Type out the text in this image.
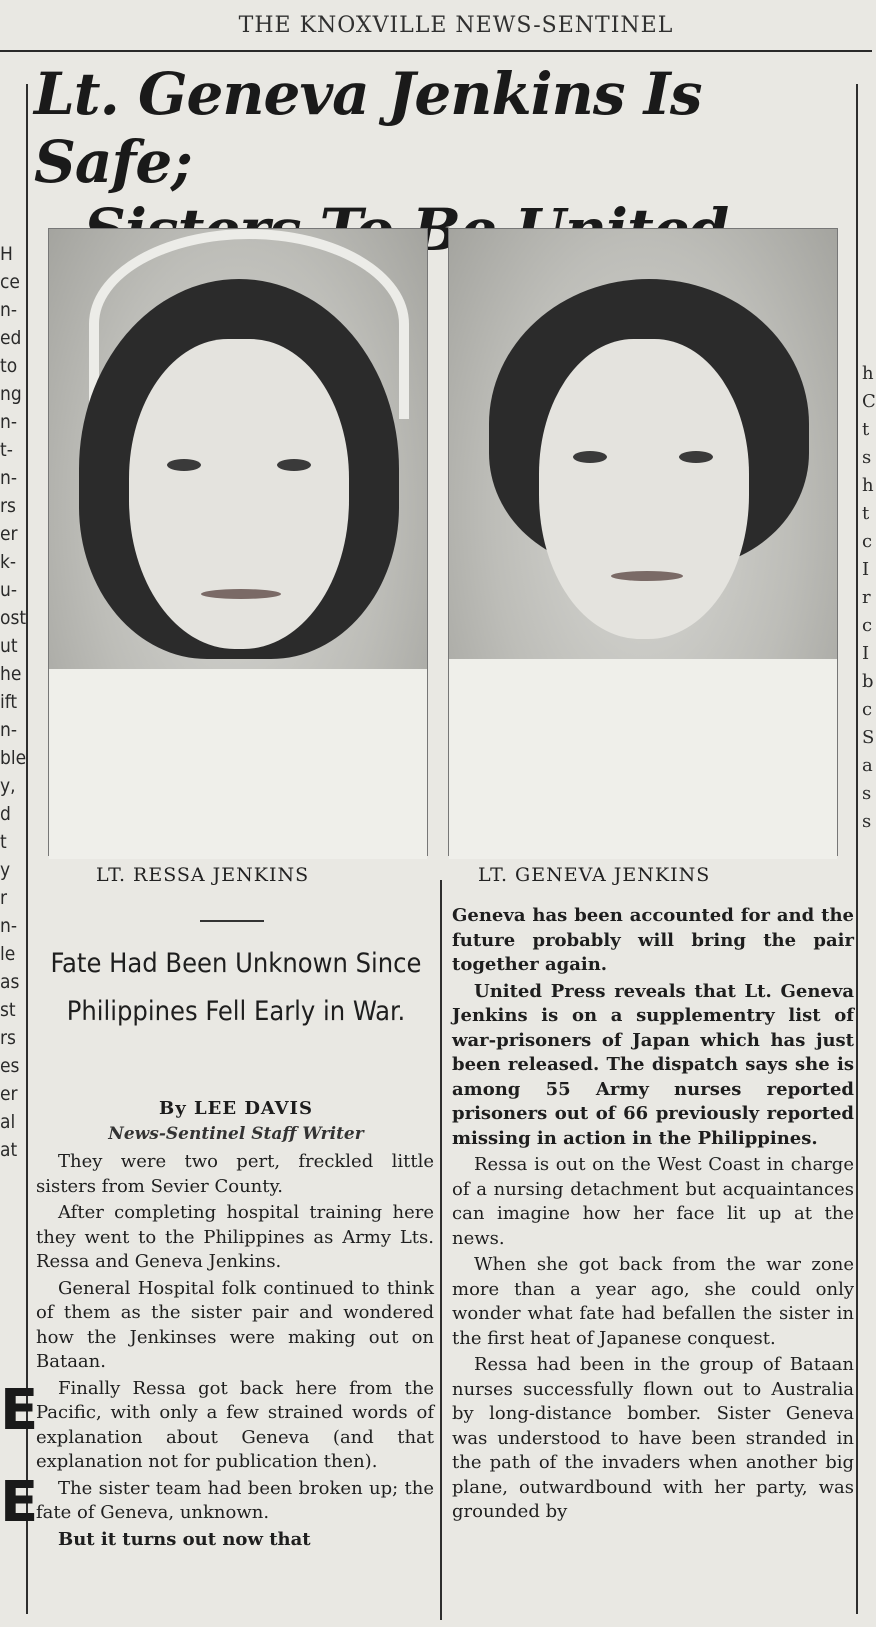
THE KNOXVILLE NEWS-SENTINEL
H
ce
n-
ed
to
ng
n-
t-
n-
rs
er
k-
u-
ost
ut
he
ift
n-
ble
y,
d
t
y
r
n-
le
as
st
rs
es
er
al
at
E
E
h
C
t
s
h
t
c
I
r
c
I
b
c
S
a
s
s
Lt. Geneva Jenkins Is Safe;
LT. RESSA JENKINS	LT. GENEVA JENKINS
Fate Had Been Unknown Since Philippines Fell Early in War.
By LEE DAVIS
News-Sentinel Staff Writer

They were two pert, freckled little sisters from Sevier County.

After completing hospital training here they went to the Philippines as Army Lts. Ressa and Geneva Jenkins.

General Hospital folk continued to think of them as the sister pair and wondered how the Jenkinses were making out on Bataan.

Finally Ressa got back here from the Pacific, with only a few strained words of explanation about Geneva (and that explanation not for publication then).

The sister team had been broken up; the fate of Geneva, unknown.

But it turns out now that

Geneva has been accounted for and the future probably will bring the pair together again.

United Press reveals that Lt. Geneva Jenkins is on a supplementry list of war-prisoners of Japan which has just been released. The dispatch says she is among 55 Army nurses reported prisoners out of 66 previously reported missing in action in the Philippines.

Ressa is out on the West Coast in charge of a nursing detachment but acquaintances can imagine how her face lit up at the news.

When she got back from the war zone more than a year ago, she could only wonder what fate had befallen the sister in the first heat of Japanese conquest.

Ressa had been in the group of Bataan nurses successfully flown out to Australia by long-distance bomber. Sister Geneva was understood to have been stranded in the path of the invaders when another big plane, outwardbound with her party, was grounded by
